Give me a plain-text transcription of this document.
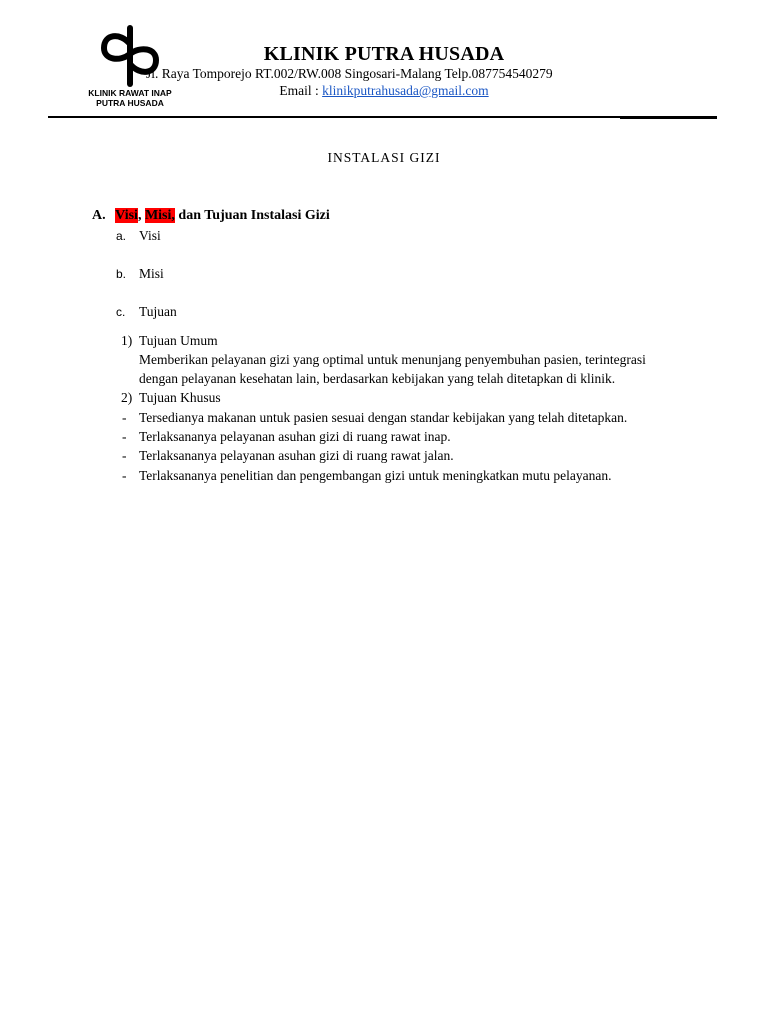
KLINIK RAWAT INAP
PUTRA HUSADA
KLINIK PUTRA HUSADA
Jl. Raya Tomporejo RT.002/RW.008 Singosari-Malang Telp.087754540279
Email : klinikputrahusada@gmail.com
INSTALASI GIZI
A. Visi, Misi, dan Tujuan Instalasi Gizi
a. Visi
b. Misi
c. Tujuan
1) Tujuan Umum
Memberikan pelayanan gizi yang optimal untuk menunjang penyembuhan pasien, terintegrasi
dengan pelayanan kesehatan lain, berdasarkan kebijakan yang telah ditetapkan di klinik.
2) Tujuan Khusus
- Tersedianya makanan untuk pasien sesuai dengan standar kebijakan yang telah ditetapkan.
- Terlaksananya pelayanan asuhan gizi di ruang rawat inap.
- Terlaksananya pelayanan asuhan gizi di ruang rawat jalan.
- Terlaksananya penelitian dan pengembangan gizi untuk meningkatkan mutu pelayanan.
